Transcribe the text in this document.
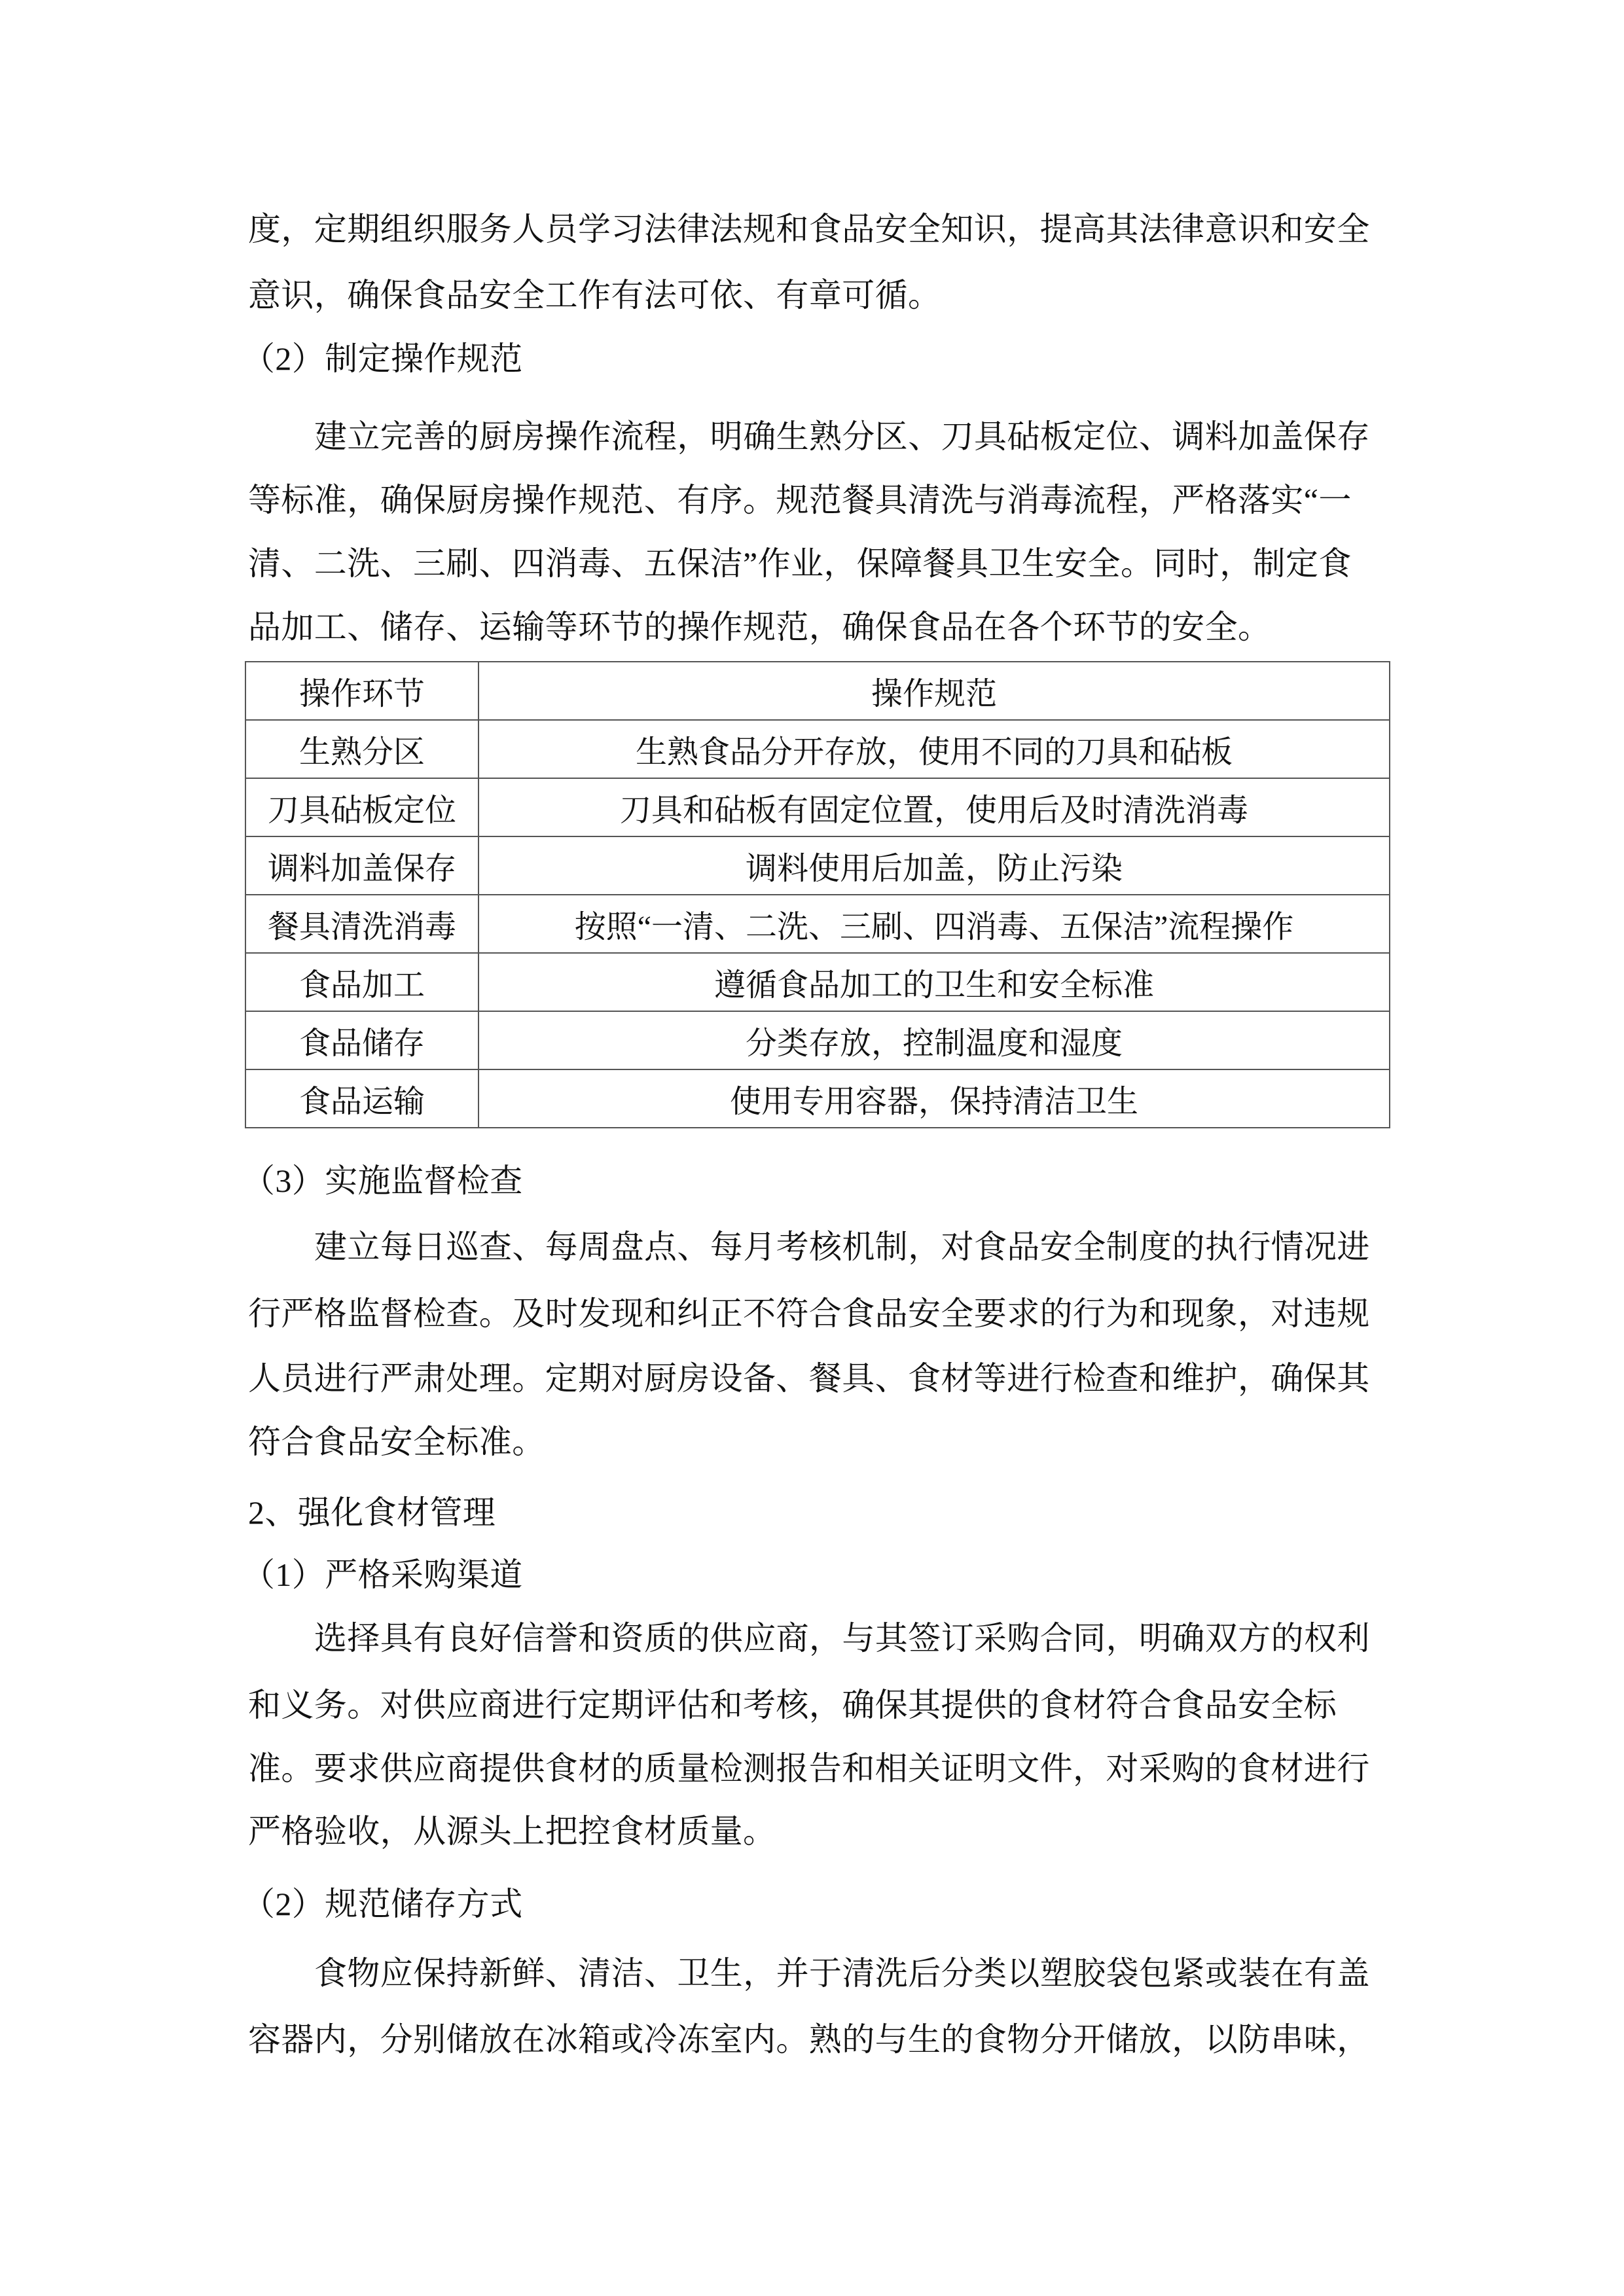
度，定期组织服务人员学习法律法规和食品安全知识，提高其法律意识和安全
意识，确保食品安全工作有法可依、有章可循。
（2）制定操作规范
建立完善的厨房操作流程，明确生熟分区、刀具砧板定位、调料加盖保存
等标准，确保厨房操作规范、有序。规范餐具清洗与消毒流程，严格落实“一
清、二洗、三刷、四消毒、五保洁”作业，保障餐具卫生安全。同时，制定食
品加工、储存、运输等环节的操作规范，确保食品在各个环节的安全。
操作环节	操作规范
生熟分区	生熟食品分开存放，使用不同的刀具和砧板
刀具砧板定位	刀具和砧板有固定位置，使用后及时清洗消毒
调料加盖保存	调料使用后加盖，防止污染
餐具清洗消毒	按照“一清、二洗、三刷、四消毒、五保洁”流程操作
食品加工	遵循食品加工的卫生和安全标准
食品储存	分类存放，控制温度和湿度
食品运输	使用专用容器，保持清洁卫生
（3）实施监督检查
建立每日巡查、每周盘点、每月考核机制，对食品安全制度的执行情况进
行严格监督检查。及时发现和纠正不符合食品安全要求的行为和现象，对违规
人员进行严肃处理。定期对厨房设备、餐具、食材等进行检查和维护，确保其
符合食品安全标准。
2、强化食材管理
（1）严格采购渠道
选择具有良好信誉和资质的供应商，与其签订采购合同，明确双方的权利
和义务。对供应商进行定期评估和考核，确保其提供的食材符合食品安全标
准。要求供应商提供食材的质量检测报告和相关证明文件，对采购的食材进行
严格验收，从源头上把控食材质量。
（2）规范储存方式
食物应保持新鲜、清洁、卫生，并于清洗后分类以塑胶袋包紧或装在有盖
容器内，分别储放在冰箱或冷冻室内。熟的与生的食物分开储放，以防串味，
